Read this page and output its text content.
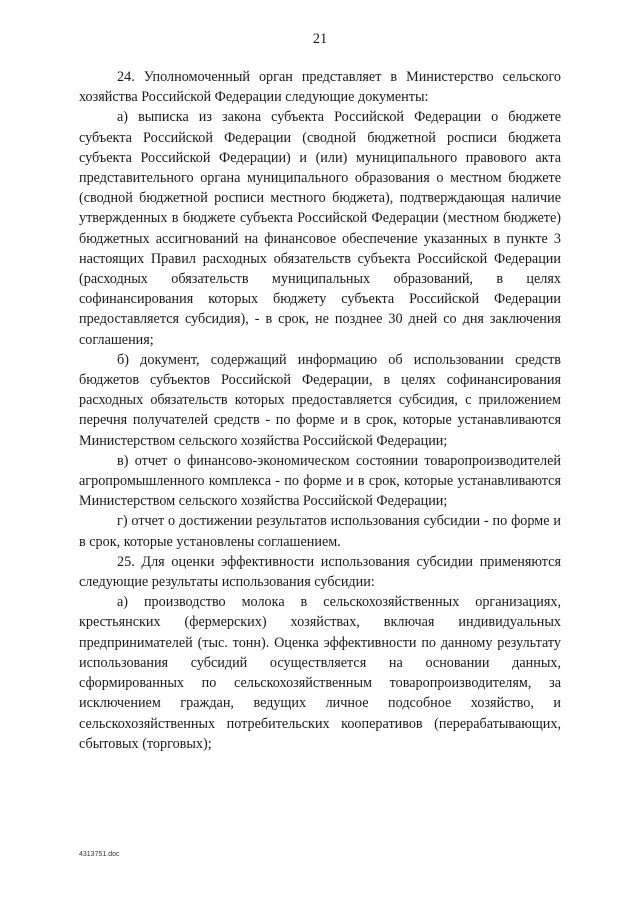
21

24. Уполномоченный орган представляет в Министерство сельского хозяйства Российской Федерации следующие документы:

а) выписка из закона субъекта Российской Федерации о бюджете субъекта Российской Федерации (сводной бюджетной росписи бюджета субъекта Российской Федерации) и (или) муниципального правового акта представительного органа муниципального образования о местном бюджете (сводной бюджетной росписи местного бюджета), подтверждающая наличие утвержденных в бюджете субъекта Российской Федерации (местном бюджете) бюджетных ассигнований на финансовое обеспечение указанных в пункте 3 настоящих Правил расходных обязательств субъекта Российской Федерации (расходных обязательств муниципальных образований, в целях софинансирования которых бюджету субъекта Российской Федерации предоставляется субсидия), - в срок, не позднее 30 дней со дня заключения соглашения;

б) документ, содержащий информацию об использовании средств бюджетов субъектов Российской Федерации, в целях софинансирования расходных обязательств которых предоставляется субсидия, с приложением перечня получателей средств - по форме и в срок, которые устанавливаются Министерством сельского хозяйства Российской Федерации;

в) отчет о финансово-экономическом состоянии товаропроизводителей агропромышленного комплекса - по форме и в срок, которые устанавливаются Министерством сельского хозяйства Российской Федерации;

г) отчет о достижении результатов использования субсидии - по форме и в срок, которые установлены соглашением.

25. Для оценки эффективности использования субсидии применяются следующие результаты использования субсидии:

а) производство молока в сельскохозяйственных организациях, крестьянских (фермерских) хозяйствах, включая индивидуальных предпринимателей (тыс. тонн). Оценка эффективности по данному результату использования субсидий осуществляется на основании данных, сформированных по сельскохозяйственным товаропроизводителям, за исключением граждан, ведущих личное подсобное хозяйство, и сельскохозяйственных потребительских кооперативов (перерабатывающих, сбытовых (торговых);

4313751.doc
